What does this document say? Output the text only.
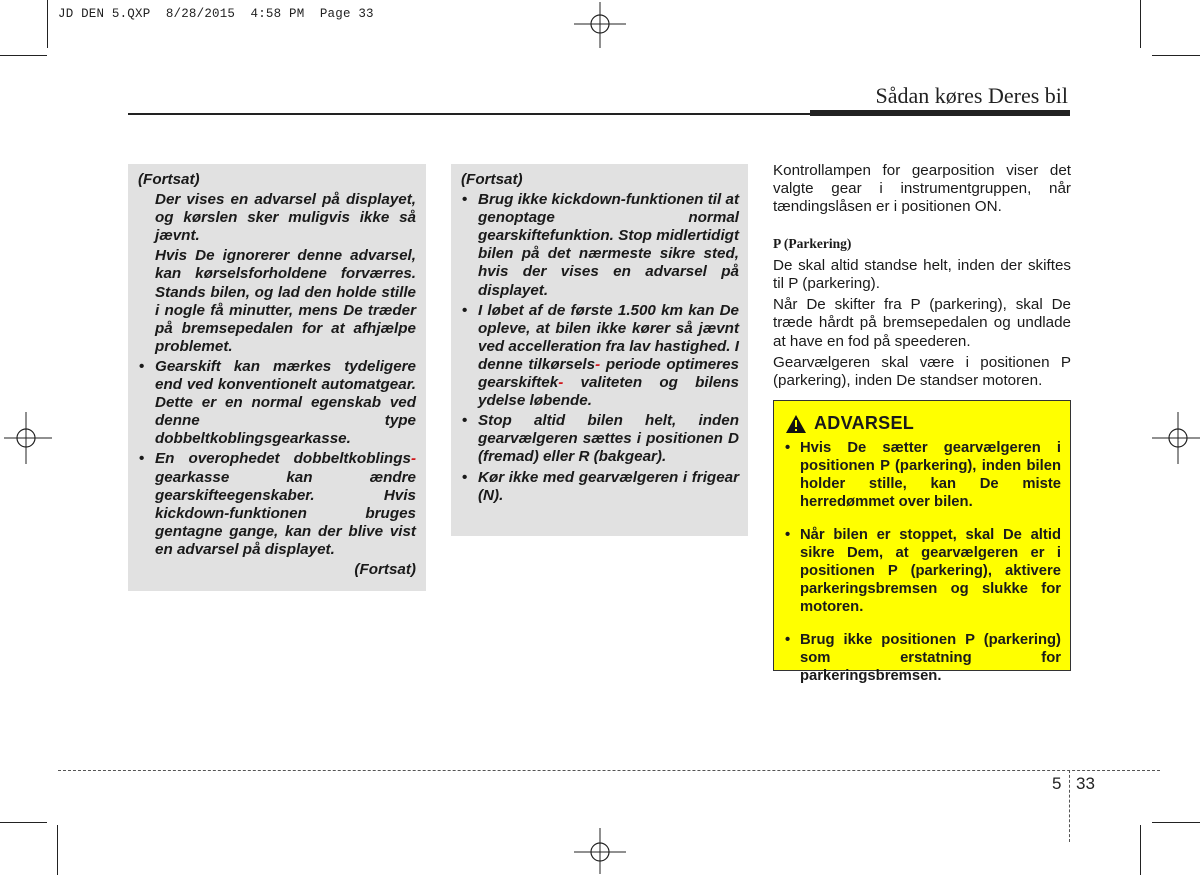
JD DEN 5.QXP  8/28/2015  4:58 PM  Page 33
Sådan køres Deres bil

(Fortsat)

Der vises en advarsel på displayet, og kørslen sker muligvis ikke så jævnt.

Hvis De ignorerer denne advarsel, kan kørselsforholdene forværres. Stands bilen, og lad den holde stille i nogle få minutter, mens De træder på bremsepedalen for at afhjælpe problemet.

• Gearskift kan mærkes tydeligere end ved konventionelt automatgear. Dette er en normal egenskab ved denne type dobbeltkoblingsgearkasse.

• En overophedet dobbeltkoblings-
gearkasse kan ændre gearskifteegenskaber. Hvis kickdown-funktionen bruges gentagne gange, kan der blive vist en advarsel på displayet.

(Fortsat)

(Fortsat)

• Brug ikke kickdown-funktionen til at genoptage normal gearskiftefunktion. Stop midlertidigt bilen på det nærmeste sikre sted, hvis der vises en advarsel på displayet.

• I løbet af de første 1.500 km kan De opleve, at bilen ikke kører så jævnt ved accelleration fra lav hastighed. I denne tilkørsels- periode optimeres gearskiftek- valiteten og bilens ydelse løbende.

• Stop altid bilen helt, inden gearvælgeren sættes i positionen D (fremad) eller R (bakgear).

• Kør ikke med gearvælgeren i frigear (N).

Kontrollampen for gearposition viser det valgte gear i instrumentgruppen, når tændingslåsen er i positionen ON.

P (Parkering)

De skal altid standse helt, inden der skiftes til P (parkering).

Når De skifter fra P (parkering), skal De træde hårdt på bremsepedalen og undlade at have en fod på speederen.

Gearvælgeren skal være i positionen P (parkering), inden De standser motoren.

ADVARSEL

• Hvis De sætter gearvælgeren i positionen P (parkering), inden bilen holder stille, kan De miste herredømmet over bilen.

• Når bilen er stoppet, skal De altid sikre Dem, at gearvælgeren er i positionen P (parkering), aktivere parkeringsbremsen og slukke for motoren.

• Brug ikke positionen P (parkering) som erstatning for parkeringsbremsen.

5 33
